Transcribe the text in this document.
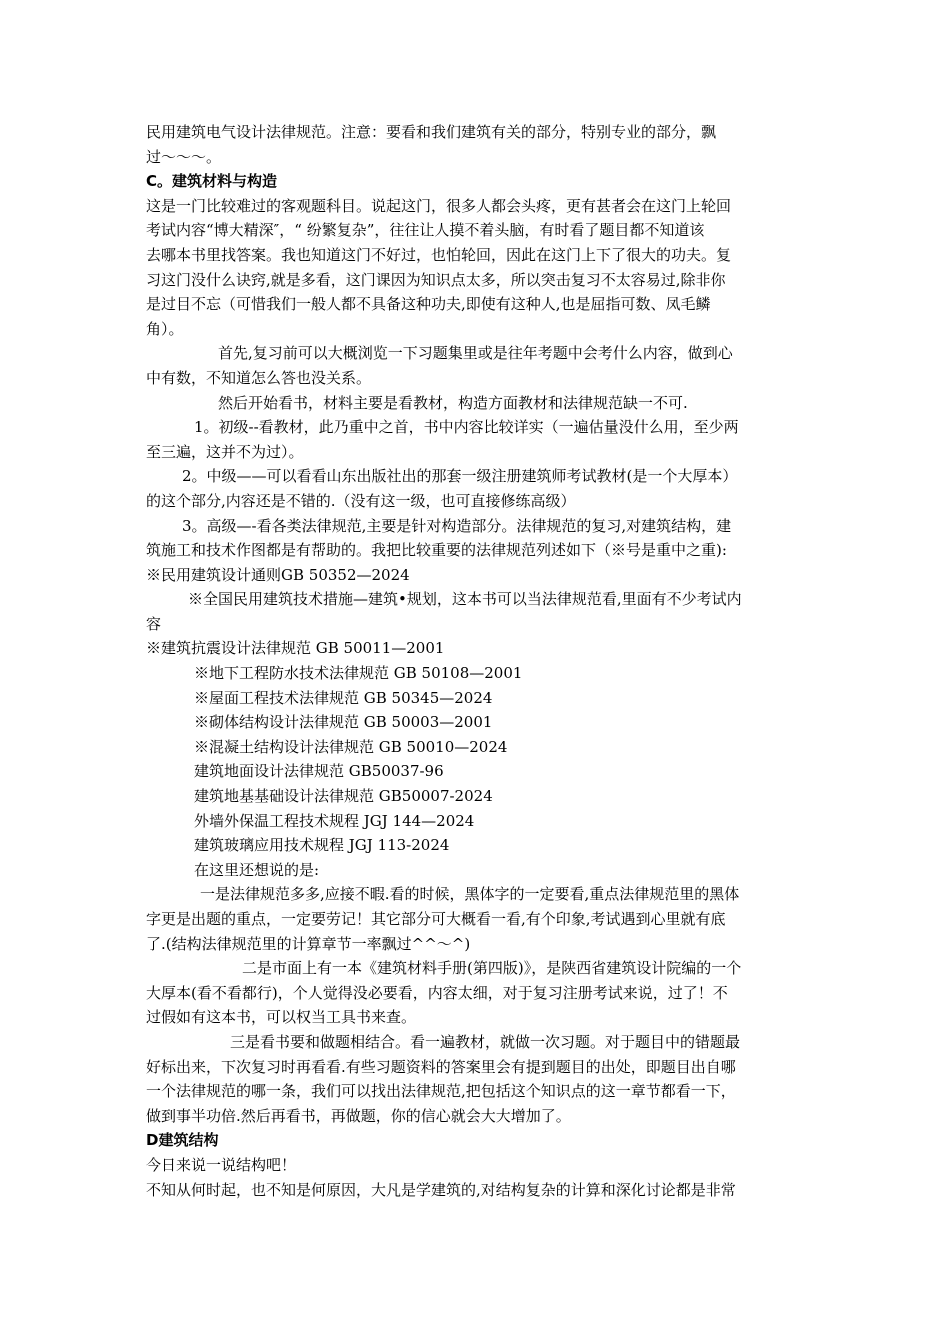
民用建筑电气设计法律规范。注意：要看和我们建筑有关的部分，特别专业的部分，飘
过～～～。
C。建筑材料与构造
这是一门比较难过的客观题科目。说起这门，很多人都会头疼，更有甚者会在这门上轮回
考试内容“博大精深″，“ 纷繁复杂”，往往让人摸不着头脑，有时看了题目都不知道该
去哪本书里找答案。我也知道这门不好过，也怕轮回，因此在这门上下了很大的功夫。复
习这门没什么诀窍,就是多看，这门课因为知识点太多，所以突击复习不太容易过,除非你
是过目不忘（可惜我们一般人都不具备这种功夫,即使有这种人,也是屈指可数、凤毛鳞
角）。
首先,复习前可以大概浏览一下习题集里或是往年考题中会考什么内容，做到心
中有数，不知道怎么答也没关系。
然后开始看书，材料主要是看教材，构造方面教材和法律规范缺一不可.
1。初级--看教材，此乃重中之首，书中内容比较详实（一遍估量没什么用，至少两
至三遍，这并不为过）。
2。中级——可以看看山东出版社出的那套一级注册建筑师考试教材(是一个大厚本）
的这个部分,内容还是不错的.（没有这一级，也可直接修练高级）
3。高级—-看各类法律规范,主要是针对构造部分。法律规范的复习,对建筑结构，建
筑施工和技术作图都是有帮助的。我把比较重要的法律规范列述如下（※号是重中之重):
※民用建筑设计通则GB 50352—2024
※全国民用建筑技术措施—建筑•规划，这本书可以当法律规范看,里面有不少考试内
容
※建筑抗震设计法律规范 GB 50011—2001
※地下工程防水技术法律规范 GB 50108—2001
※屋面工程技术法律规范 GB 50345—2024
※砌体结构设计法律规范 GB 50003—2001
※混凝土结构设计法律规范 GB 50010—2024
建筑地面设计法律规范 GB50037-96
建筑地基基础设计法律规范 GB50007-2024
外墙外保温工程技术规程 JGJ 144—2024
建筑玻璃应用技术规程 JGJ 113-2024
在这里还想说的是:
一是法律规范多多,应接不暇.看的时候，黑体字的一定要看,重点法律规范里的黑体
字更是出题的重点，一定要劳记！其它部分可大概看一看,有个印象,考试遇到心里就有底
了.(结构法律规范里的计算章节一率飘过^^～^)
二是市面上有一本《建筑材料手册(第四版)》，是陕西省建筑设计院编的一个
大厚本(看不看都行)，个人觉得没必要看，内容太细，对于复习注册考试来说，过了！不
过假如有这本书，可以权当工具书来查。
三是看书要和做题相结合。看一遍教材，就做一次习题。对于题目中的错题最
好标出来，下次复习时再看看.有些习题资料的答案里会有提到题目的出处，即题目出自哪
一个法律规范的哪一条，我们可以找出法律规范,把包括这个知识点的这一章节都看一下，
做到事半功倍.然后再看书，再做题，你的信心就会大大增加了。
D建筑结构
今日来说一说结构吧！
不知从何时起，也不知是何原因，大凡是学建筑的,对结构复杂的计算和深化讨论都是非常
